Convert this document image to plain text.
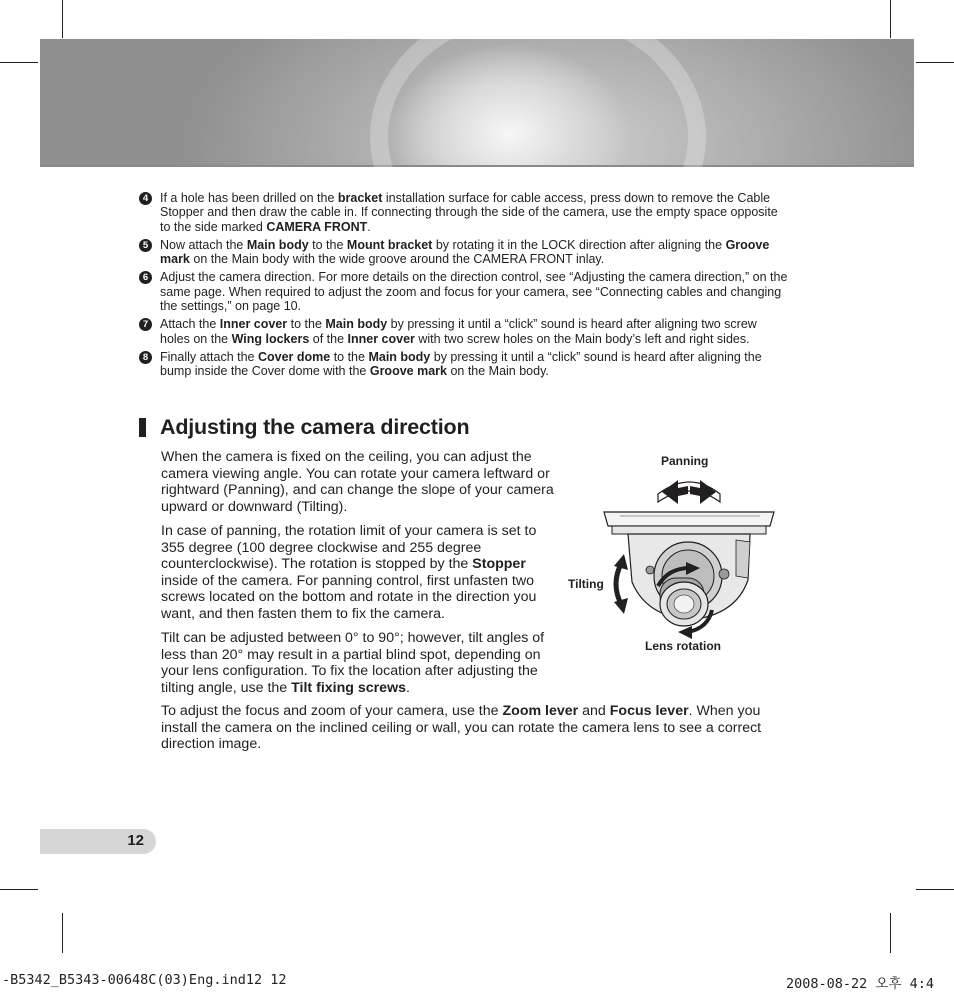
4 If a hole has been drilled on the bracket installation surface for cable access, press down to remove the Cable Stopper and then draw the cable in. If connecting through the side of the camera, use the empty space opposite to the side marked CAMERA FRONT.
5 Now attach the Main body to the Mount bracket by rotating it in the LOCK direction after aligning the Groove mark on the Main body with the wide groove around the CAMERA FRONT inlay.
6 Adjust the camera direction. For more details on the direction control, see “Adjusting the camera direction,” on the same page. When required to adjust the zoom and focus for your camera, see “Connecting cables and changing the settings,” on page 10.
7 Attach the Inner cover to the Main body by pressing it until a “click” sound is heard after aligning two screw holes on the Wing lockers of the Inner cover with two screw holes on the Main body’s left and right sides.
8 Finally attach the Cover dome to the Main body by pressing it until a “click” sound is heard after aligning the bump inside the Cover dome with the Groove mark on the Main body.
Adjusting the camera direction

When the camera is fixed on the ceiling, you can adjust the camera viewing angle. You can rotate your camera leftward or rightward (Panning), and can change the slope of your camera upward or downward (Tilting).

In case of panning, the rotation limit of your camera is set to 355 degree (100 degree clockwise and 255 degree counterclockwise). The rotation is stopped by the Stopper inside of the camera. For panning control, first unfasten two screws located on the bottom and rotate in the direction you want, and then fasten them to fix the camera.

Tilt can be adjusted between 0° to 90°; however, tilt angles of less than 20° may result in a partial blind spot, depending on your lens configuration. To fix the location after adjusting the tilting angle, use the Tilt fixing screws.

To adjust the focus and zoom of your camera, use the Zoom lever and Focus lever. When you install the camera on the inclined ceiling or wall, you can rotate the camera lens to see a correct direction image.

Panning
Tilting
Lens rotation
12
-B5342_B5343-00648C(03)Eng.ind12 12	2008-08-22 오후 4:4
